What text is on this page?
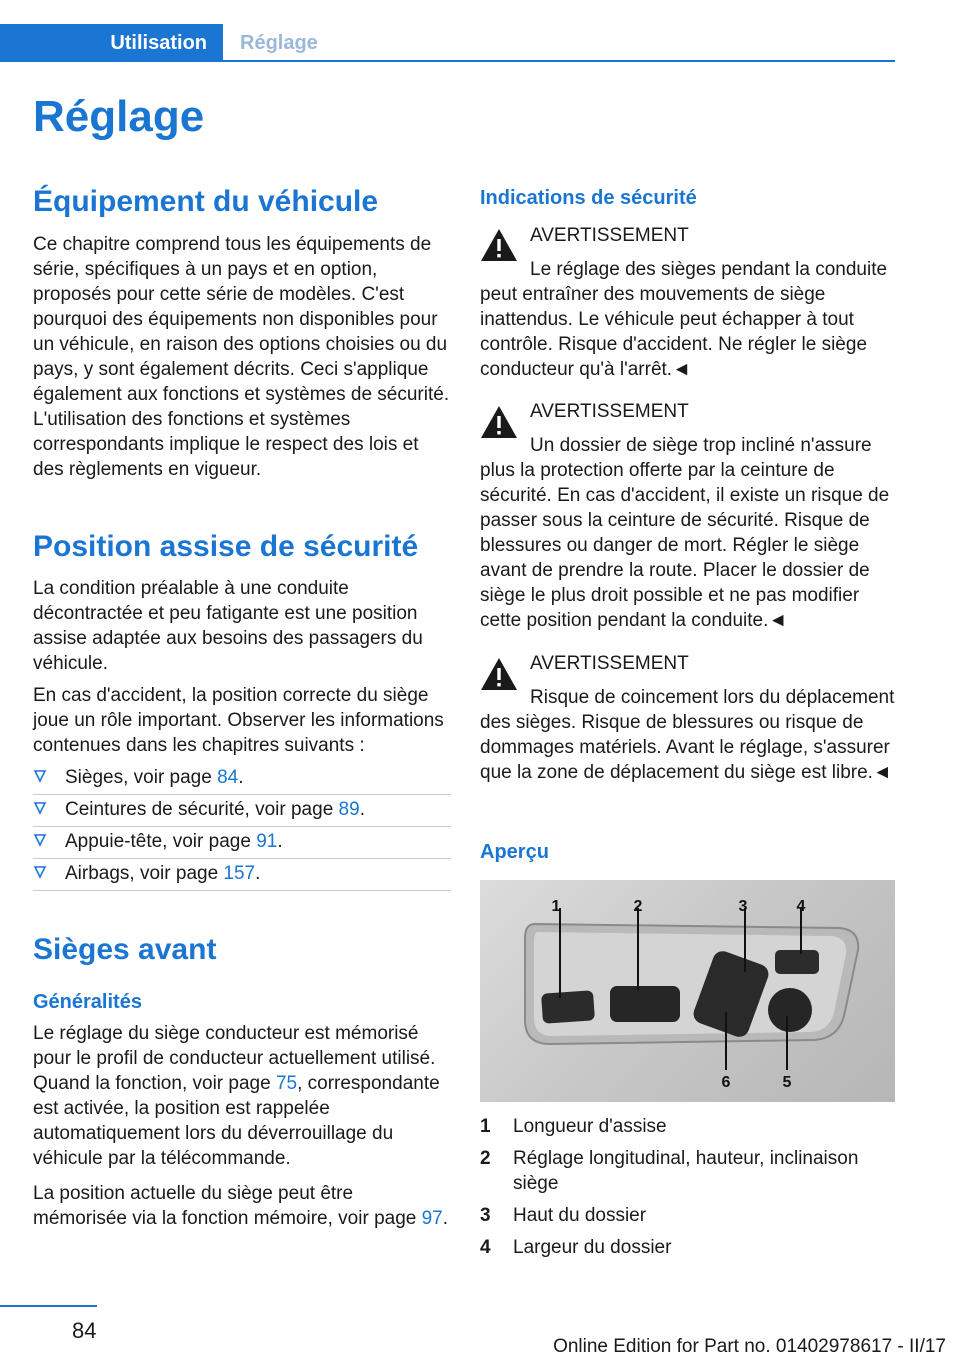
Utilisation	Réglage
Réglage
Équipement du véhicule

Ce chapitre comprend tous les équipements de série, spécifiques à un pays et en option, proposés pour cette série de modèles. C'est pourquoi des équipements non disponibles pour un véhicule, en raison des options choisies ou du pays, y sont également décrits. Ceci s'applique également aux fonctions et systèmes de sécurité. L'utilisation des fonctions et systèmes correspondants implique le respect des lois et des règlements en vigueur.

Position assise de sécurité

La condition préalable à une conduite décontractée et peu fatigante est une position assise adaptée aux besoins des passagers du véhicule.

En cas d'accident, la position correcte du siège joue un rôle important. Observer les informations contenues dans les chapitres suivants :

Sièges, voir page 84.
Ceintures de sécurité, voir page 89.
Appuie-tête, voir page 91.
Airbags, voir page 157.
Sièges avant
Généralités

Le réglage du siège conducteur est mémorisé pour le profil de conducteur actuellement utilisé. Quand la fonction, voir page 75, correspondante est activée, la position est rappelée automatiquement lors du déverrouillage du véhicule par la télécommande.

La position actuelle du siège peut être mémorisée via la fonction mémoire, voir page 97.

Indications de sécurité
AVERTISSEMENT

Le réglage des sièges pendant la conduite peut entraîner des mouvements de siège inattendus. Le véhicule peut échapper à tout contrôle. Risque d'accident. Ne régler le siège conducteur qu'à l'arrêt.◄

AVERTISSEMENT

Un dossier de siège trop incliné n'assure plus la protection offerte par la ceinture de sécurité. En cas d'accident, il existe un risque de passer sous la ceinture de sécurité. Risque de blessures ou danger de mort. Régler le siège avant de prendre la route. Placer le dossier de siège le plus droit possible et ne pas modifier cette position pendant la conduite.◄

AVERTISSEMENT

Risque de coincement lors du déplacement des sièges. Risque de blessures ou risque de dommages matériels. Avant le réglage, s'assurer que la zone de déplacement du siège est libre.◄

Aperçu
1	2	3	4
5
6
1 Longueur d'assise
2 Réglage longitudinal, hauteur, inclinaison siège
3 Haut du dossier
4 Largeur du dossier
84
Online Edition for Part no. 01402978617 - II/17
